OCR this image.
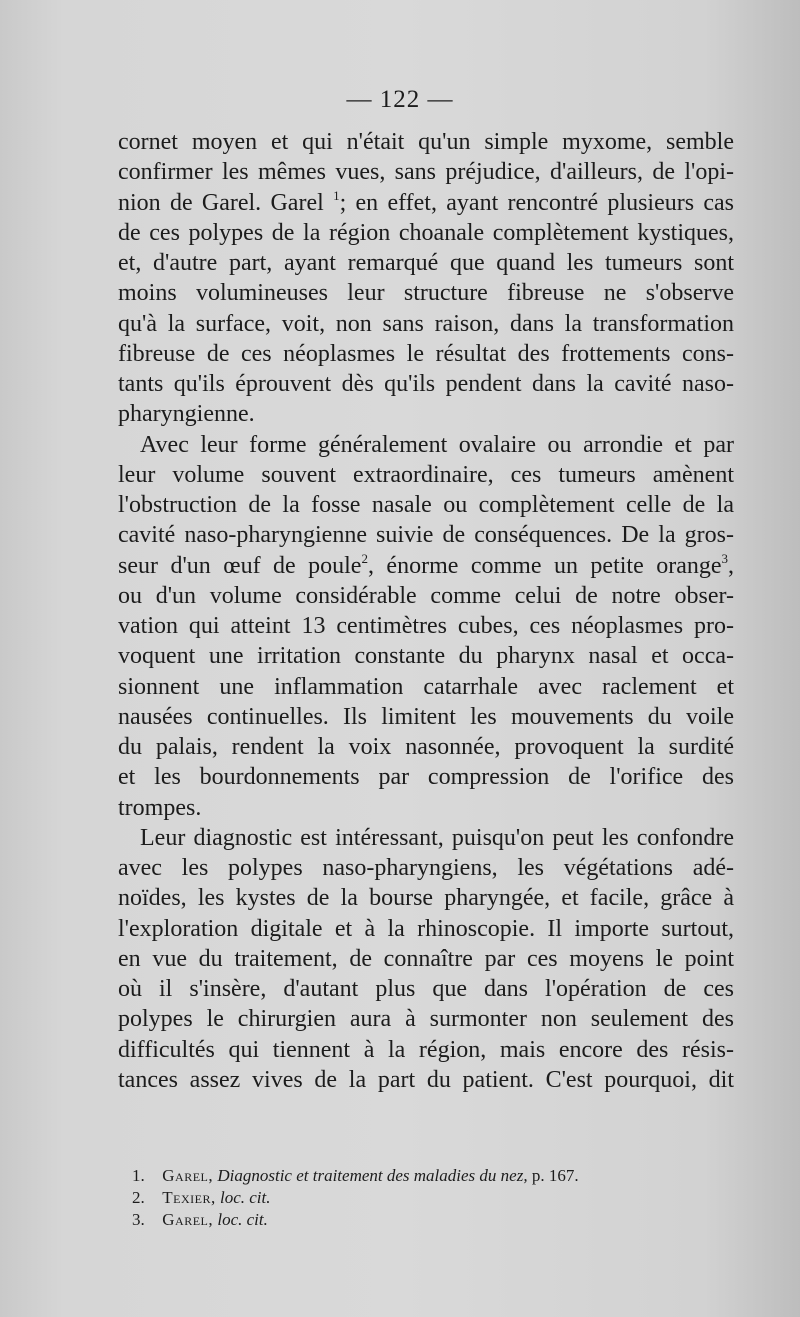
— 122 —
cornet moyen et qui n'était qu'un simple myxome, semble
confirmer les mêmes vues, sans préjudice, d'ailleurs, de l'opi-
nion de Garel. Garel $^1$; en effet, ayant rencontré plusieurs cas
de ces polypes de la région choanale complètement kystiques,
et, d'autre part, ayant remarqué que quand les tumeurs sont
moins volumineuses leur structure fibreuse ne s'observe
qu'à la surface, voit, non sans raison, dans la transformation
fibreuse de ces néoplasmes le résultat des frottements cons-
tants qu'ils éprouvent dès qu'ils pendent dans la cavité naso-
pharyngienne.
Avec leur forme généralement ovalaire ou arrondie et par
leur volume souvent extraordinaire, ces tumeurs amènent
l'obstruction de la fosse nasale ou complètement celle de la
cavité naso-pharyngienne suivie de conséquences. De la gros-
seur d'un œuf de poule$^2$, énorme comme un petite orange$^3$,
ou d'un volume considérable comme celui de notre obser-
vation qui atteint 13 centimètres cubes, ces néoplasmes pro-
voquent une irritation constante du pharynx nasal et occa-
sionnent une inflammation catarrhale avec raclement et
nausées continuelles. Ils limitent les mouvements du voile
du palais, rendent la voix nasonnée, provoquent la surdité
et les bourdonnements par compression de l'orifice des
trompes.
Leur diagnostic est intéressant, puisqu'on peut les confondre
avec les polypes naso-pharyngiens, les végétations adé-
noïdes, les kystes de la bourse pharyngée, et facile, grâce à
l'exploration digitale et à la rhinoscopie. Il importe surtout,
en vue du traitement, de connaître par ces moyens le point
où il s'insère, d'autant plus que dans l'opération de ces
polypes le chirurgien aura à surmonter non seulement des
difficultés qui tiennent à la région, mais encore des résis-
tances assez vives de la part du patient. C'est pourquoi, dit
1. Garel, Diagnostic et traitement des maladies du nez, p. 167.
2. Texier, loc. cit.
3. Garel, loc. cit.
